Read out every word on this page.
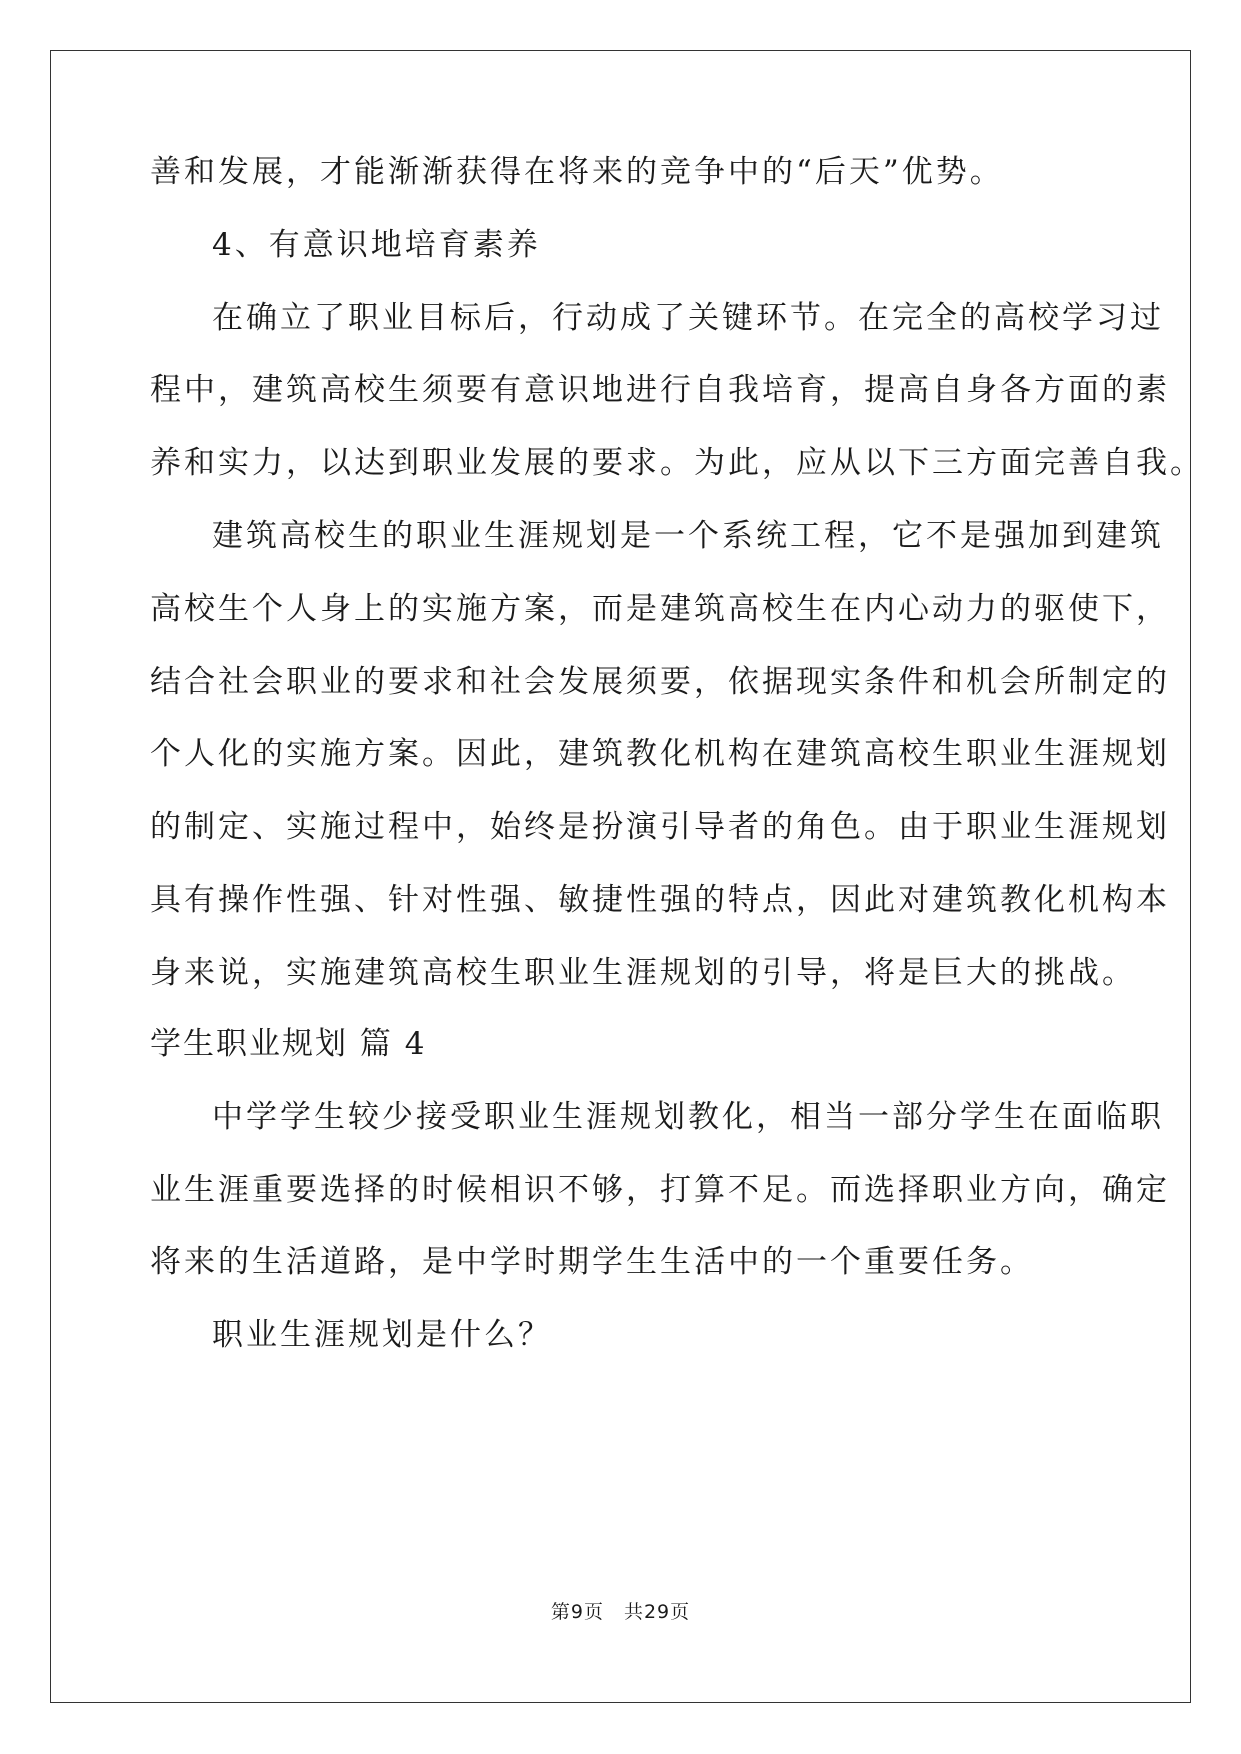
善和发展，才能渐渐获得在将来的竞争中的“后天”优势。
4、有意识地培育素养
在确立了职业目标后，行动成了关键环节。在完全的高校学习过
程中，建筑高校生须要有意识地进行自我培育，提高自身各方面的素
养和实力，以达到职业发展的要求。为此，应从以下三方面完善自我。
建筑高校生的职业生涯规划是一个系统工程，它不是强加到建筑
高校生个人身上的实施方案，而是建筑高校生在内心动力的驱使下，
结合社会职业的要求和社会发展须要，依据现实条件和机会所制定的
个人化的实施方案。因此，建筑教化机构在建筑高校生职业生涯规划
的制定、实施过程中，始终是扮演引导者的角色。由于职业生涯规划
具有操作性强、针对性强、敏捷性强的特点，因此对建筑教化机构本
身来说，实施建筑高校生职业生涯规划的引导，将是巨大的挑战。
学生职业规划 篇 4
中学学生较少接受职业生涯规划教化，相当一部分学生在面临职
业生涯重要选择的时候相识不够，打算不足。而选择职业方向，确定
将来的生活道路，是中学时期学生生活中的一个重要任务。
职业生涯规划是什么？
第9页　共29页
